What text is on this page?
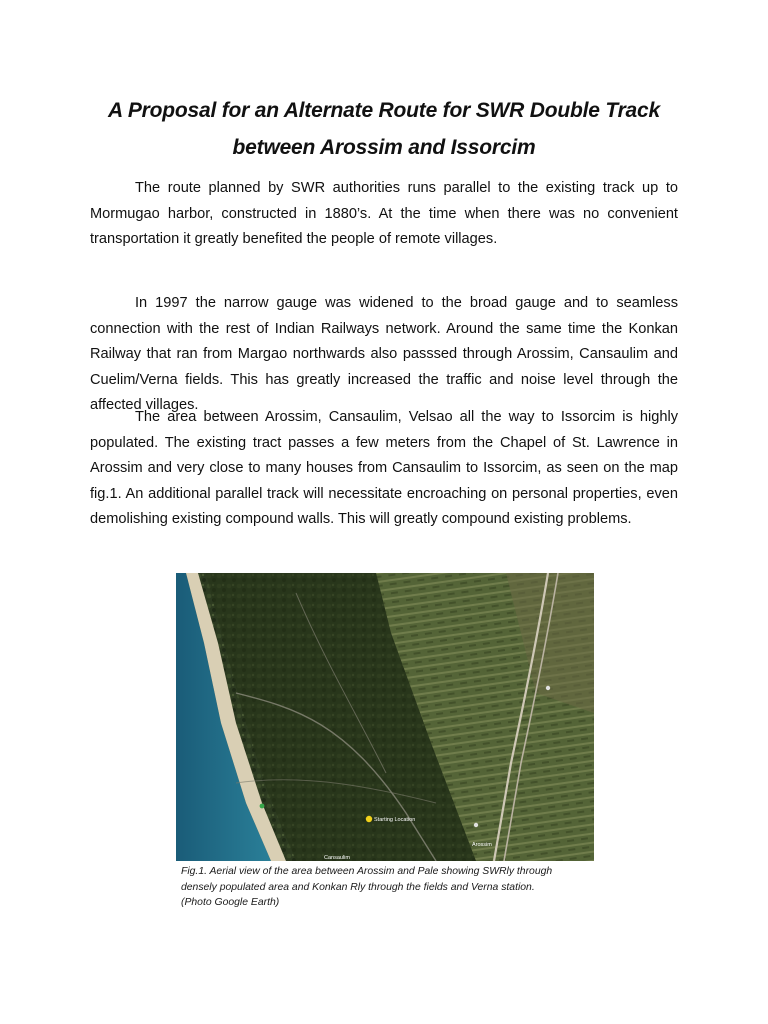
A Proposal for an Alternate Route for SWR Double Track
between Arossim and Issorcim

The route planned by SWR authorities runs parallel to the existing track up to Mormugao harbor, constructed in 1880’s. At the time when there was no convenient transportation it greatly benefited the people of remote villages.

In 1997 the narrow gauge was widened to the broad gauge and to seamless connection with the rest of Indian Railways network. Around the same time the Konkan Railway that ran from Margao northwards also passsed through Arossim, Cansaulim and Cuelim/Verna fields. This has greatly increased the traffic and noise level through the affected villages.

The area between Arossim, Cansaulim, Velsao all the way to Issorcim is highly populated. The existing tract passes a few meters from the Chapel of St. Lawrence in Arossim and very close to many houses from Cansaulim to Issorcim, as seen on the map fig.1. An additional parallel track will necessitate encroaching on personal properties, even demolishing existing compound walls. This will greatly compound existing problems.

Starting Location
Arossim
Cansaulim

Fig.1. Aerial view of the area between Arossim and Pale showing SWRly through
densely populated area and Konkan Rly through the fields and Verna station.
(Photo Google Earth)
